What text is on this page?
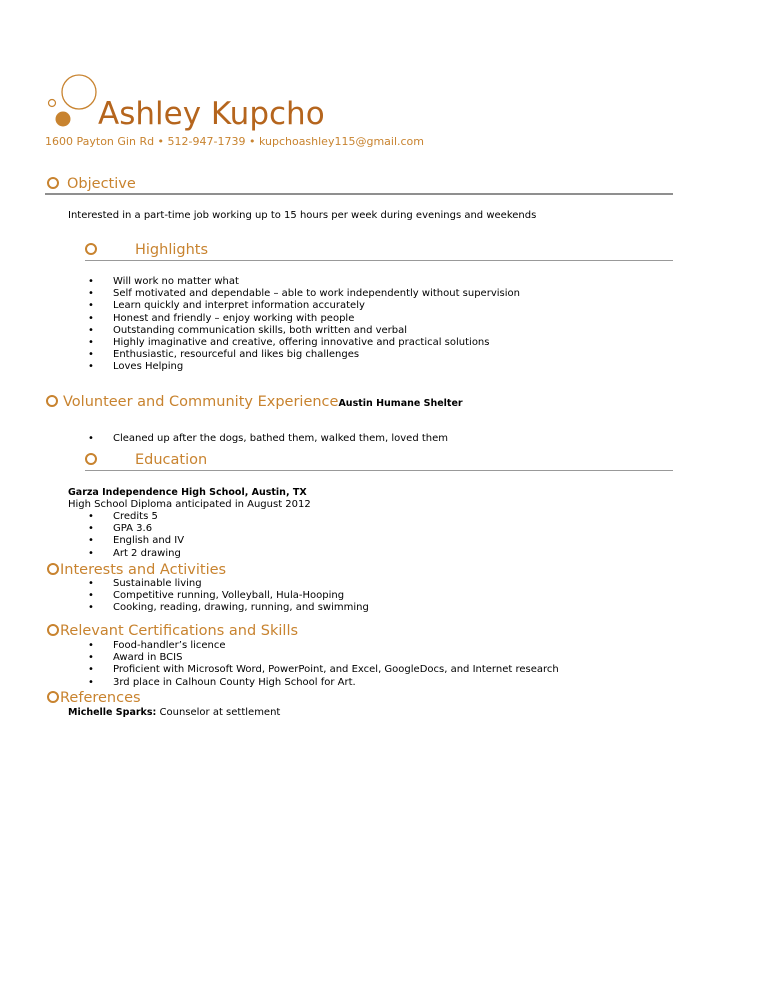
Ashley Kupcho
1600 Payton Gin Rd • 512-947-1739 • kupchoashley115@gmail.com
Objective
Interested in a part-time job working up to 15 hours per week during evenings and weekends
Highlights
• Will work no matter what
• Self motivated and dependable – able to work independently without supervision
• Learn quickly and interpret information accurately
• Honest and friendly – enjoy working with people
• Outstanding communication skills, both written and verbal
• Highly imaginative and creative, offering innovative and practical solutions
• Enthusiastic, resourceful and likes big challenges
• Loves Helping
Volunteer and Community ExperienceAustin Humane Shelter
• Cleaned up after the dogs, bathed them, walked them, loved them
Education
Garza Independence High School, Austin, TX
High School Diploma anticipated in August 2012
• Credits 5
• GPA 3.6
• English and IV
• Art 2 drawing
Interests and Activities
• Sustainable living
• Competitive running, Volleyball, Hula-Hooping
• Cooking, reading, drawing, running, and swimming
Relevant Certifications and Skills
• Food-handler’s licence
• Award in BCIS
• Proficient with Microsoft Word, PowerPoint, and Excel, GoogleDocs, and Internet research
• 3rd place in Calhoun County High School for Art.
References
Michelle Sparks: Counselor at settlement
